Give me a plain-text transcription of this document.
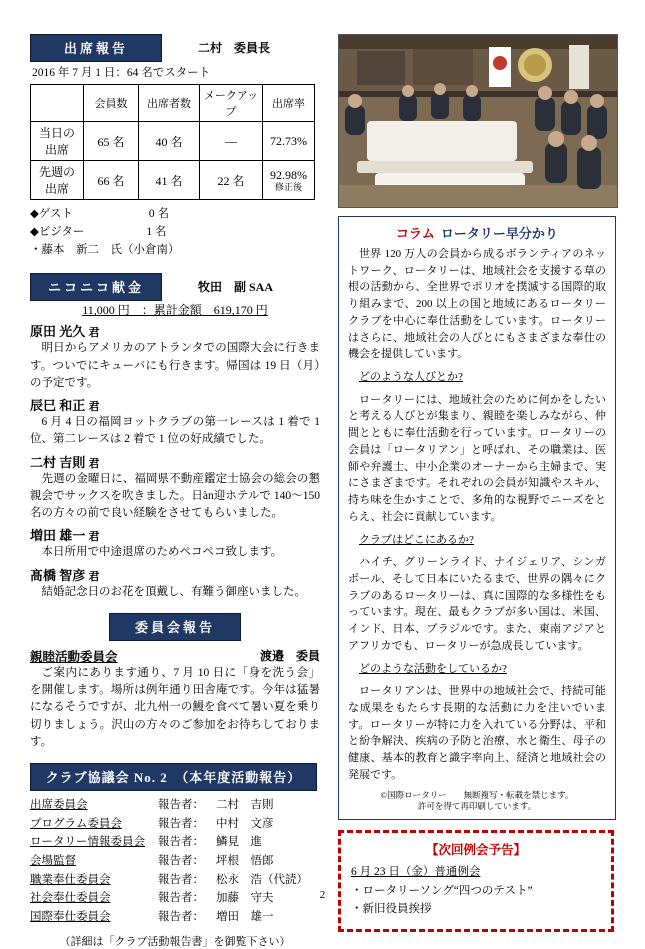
出席報告	二村　委員長
2016 年 7 月 1 日：64 名でスタート
	会員数	出席者数	メークアップ	出席率
当日の
出席	65 名	40 名	―	72.73%
先週の
出席	66 名	41 名	22 名	92.98%
修正後
◆ゲスト	0 名
◆ビジター	1 名
・藤本　新二　氏（小倉南）
ニコニコ献金	牧田　副 SAA
11,000 円　：累計金額　619,170 円
原田 光久 君

明日からアメリカのアトランタでの国際大会に行きます。ついでにキューバにも行きます。帰国は 19 日（月）の予定です。

辰巳 和正 君

6 月 4 日の福岡ヨットクラブの第一レースは 1 着で 1 位、第二レースは 2 着で 1 位の好成績でした。

二村 吉則 君

先週の金曜日に、福岡県不動産鑑定士協会の総会の懇親会でサックスを吹きました。日àn迎ホテルで 140～150 名の方々の前で良い経験をさせてもらいました。

増田 雄一 君

本日所用で中途退席のためペコペコ致します。

髙橋 智彦 君

結婚記念日のお花を頂戴し、有難う御座いました。

委員会報告
親睦活動委員会	渡邉　委員

ご案内にあります通り、7 月 10 日に「身を洗う会」を開催します。場所は例年通り田舎庵です。今年は猛暑になるそうですが、北九州一の鰻を食べて暑い夏を乗り切りましょう。沢山の方々のご参加をお待ちしております。

クラブ協議会 No. 2　（本年度活動報告）
出席委員会	報告者：	二村　吉則
プログラム委員会	報告者：	中村　文彦
ロータリー情報委員会	報告者：	鱗見　進
会場監督	報告者：	坪根　悟郎
職業奉仕委員会	報告者：	松永　浩（代読）
社会奉仕委員会	報告者：	加藤　守夫
国際奉仕委員会	報告者：	増田　雄一
（詳細は「クラブ活動報告書」を御覧下さい）
コラム ロータリー早分かり

世界 120 万人の会員から成るボランティアのネットワーク、ロータリーは、地域社会を支援する草の根の活動から、全世界でポリオを撲滅する国際的取り組みまで、200 以上の国と地域にあるロータリークラブを中心に奉仕活動をしています。ロータリーはさらに、地域社会の人びとにもさまざまな奉仕の機会を提供しています。

どのような人びとか?

ロータリーには、地域社会のために何かをしたいと考える人びとが集まり、親睦を楽しみながら、仲間とともに奉仕活動を行っています。ロータリーの会員は「ロータリアン」と呼ばれ、その職業は、医師や弁護士、中小企業のオーナーから主婦まで、実にさまざまです。それぞれの会員が知識やスキル、持ち味を生かすことで、多角的な視野でニーズをとらえ、社会に貢献しています。

クラブはどこにあるか?

ハイチ、グリーンライド、ナイジェリア、シンガポール、そして日本にいたるまで、世界の隅々にクラブのあるロータリーは、真に国際的な多様性をもっています。現在、最もクラブが多い国は、米国、インド、日本、ブラジルです。また、東南アジアとアフリカでも、ロータリーが急成長しています。

どのような活動をしているか?

ロータリアンは、世界中の地域社会で、持続可能な成果をもたらす長期的な活動に力を注いでいます。ロータリーが特に力を入れている分野は、平和と紛争解決、疾病の予防と治療、水と衛生、母子の健康、基本的教育と識字率向上、経済と地域社会の発展です。

©国際ロータリー　　無断複写・転載を禁じます。
許可を得て再印刷しています。
【次回例会予告】
6 月 23 日（金）普通例会
・ロータリーソング“四つのテスト”
・新旧役員挨拶
2
